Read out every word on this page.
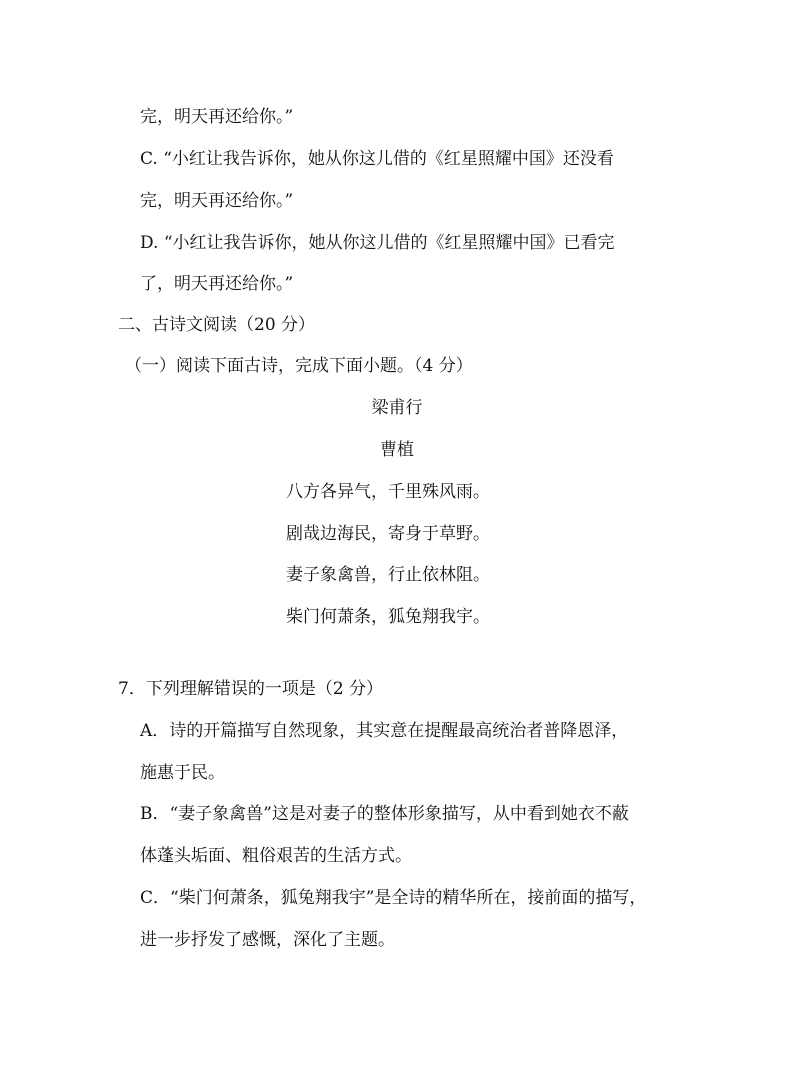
完，明天再还给你。”
C. “小红让我告诉你，她从你这儿借的《红星照耀中国》还没看
完，明天再还给你。”
D. “小红让我告诉你，她从你这儿借的《红星照耀中国》已看完
了，明天再还给你。”
二、古诗文阅读（20 分）
（一）阅读下面古诗，完成下面小题。（4 分）
梁甫行
曹植
八方各异气，千里殊风雨。
剧哉边海民，寄身于草野。
妻子象禽兽，行止依林阻。
柴门何萧条，狐兔翔我宇。
7．下列理解错误的一项是（2 分）
A．诗的开篇描写自然现象，其实意在提醒最高统治者普降恩泽，
施惠于民。
B．“妻子象禽兽”这是对妻子的整体形象描写，从中看到她衣不蔽
体蓬头垢面、粗俗艰苦的生活方式。
C．“柴门何萧条，狐兔翔我宇”是全诗的精华所在，接前面的描写，
进一步抒发了感慨，深化了主题。
